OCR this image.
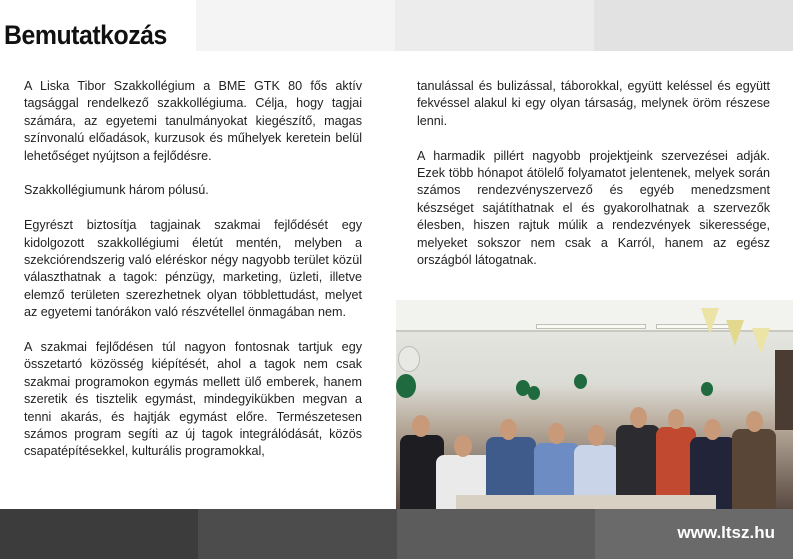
Bemutatkozás

A Liska Tibor Szakkollégium a BME GTK 80 fős aktív tagsággal rendelkező szakkollégiuma. Célja, hogy tagjai számára, az egyetemi tanulmányokat kiegészítő, magas színvonalú előadások, kurzusok és műhelyek keretein belül lehetőséget nyújtson a fejlődésre.

Szakkollégiumunk három pólusú.

Egyrészt biztosítja tagjainak szakmai fejlődését egy kidolgozott szakkollégiumi életút mentén, melyben a szekciórendszerig való eléréskor négy nagyobb terület közül választhatnak a tagok: pénzügy, marketing, üzleti, illetve elemző területen szerezhetnek olyan többlettudást, melyet az egyetemi tanórákon való részvétellel önmagában nem.

A szakmai fejlődésen túl nagyon fontosnak tartjuk egy összetartó közösség kiépítését, ahol a tagok nem csak szakmai programokon egymás mellett ülő emberek, hanem szeretik és tisztelik egymást, mindegyikükben megvan a tenni akarás, és hajtják egymást előre. Természetesen számos program segíti az új tagok integrálódását, közös csapatépítésekkel, kulturális programokkal,

tanulással és bulizással, táborokkal, együtt keléssel és együtt fekvéssel alakul ki egy olyan társaság, melynek öröm részese lenni.

A harmadik pillért nagyobb projektjeink szervezései adják. Ezek több hónapot átölelő folyamatot jelentenek, melyek során számos rendezvényszervező és egyéb menedzsment készséget sajátíthatnak el és gyakorolhatnak a szervezők élesben, hiszen rajtuk múlik a rendezvények sikeressége, melyeket sokszor nem csak a Karról, hanem az egész országból látogatnak.

www.ltsz.hu
